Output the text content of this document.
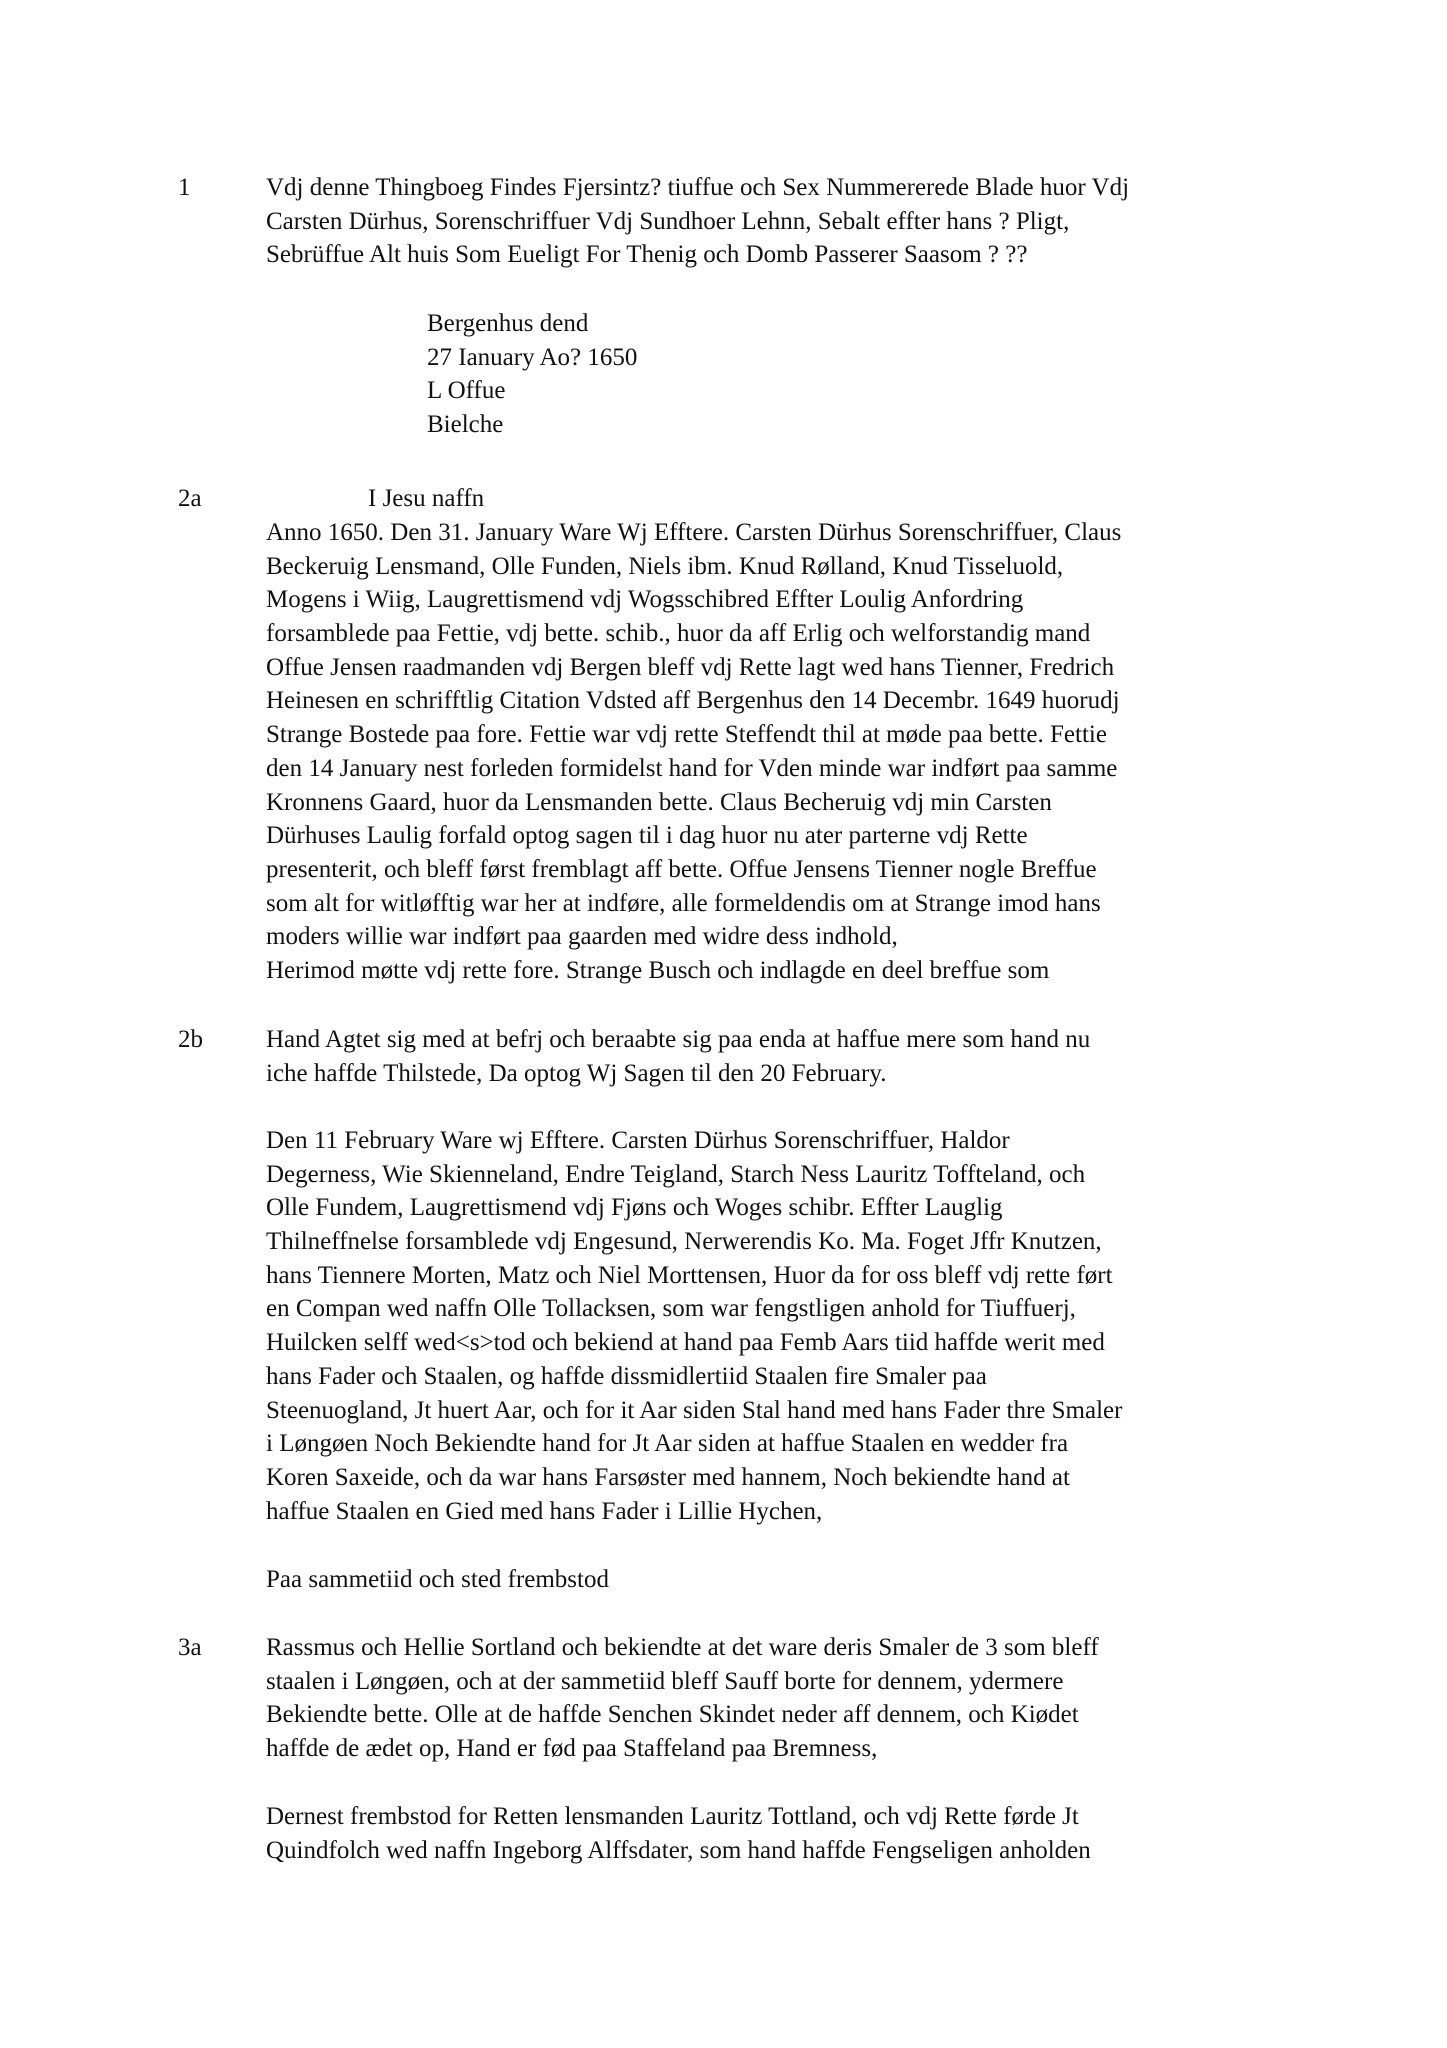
1	Vdj denne Thingboeg Findes Fjersintz? tiuffue och Sex Nummererede Blade huor Vdj
Carsten Dürhus, Sorenschriffuer Vdj Sundhoer Lehnn, Sebalt effter hans ? Pligt,
Sebrüffue Alt huis Som Eueligt For Thenig och Domb Passerer Saasom ? ??
Bergenhus dend
27 Ianuary Ao? 1650
L Offue
Bielche
2a	I Jesu naffn
Anno 1650. Den 31. January Ware Wj Efftere. Carsten Dürhus Sorenschriffuer, Claus
Beckeruig Lensmand, Olle Funden, Niels ibm. Knud Rølland, Knud Tisseluold,
Mogens i Wiig, Laugrettismend vdj Wogsschibred Effter Loulig Anfordring
forsamblede paa Fettie, vdj bette. schib., huor da aff Erlig och welforstandig mand
Offue Jensen raadmanden vdj Bergen bleff vdj Rette lagt wed hans Tienner, Fredrich
Heinesen en schrifftlig Citation Vdsted aff Bergenhus den 14 Decembr. 1649 huorudj
Strange Bostede paa fore. Fettie war vdj rette Steffendt thil at møde paa bette. Fettie
den 14 January nest forleden formidelst hand for Vden minde war indført paa samme
Kronnens Gaard, huor da Lensmanden bette. Claus Becheruig vdj min Carsten
Dürhuses Laulig forfald optog sagen til i dag huor nu ater parterne vdj Rette
presenterit, och bleff først fremblagt aff bette. Offue Jensens Tienner nogle Breffue
som alt for witløfftig war her at indføre, alle formeldendis om at Strange imod hans
moders willie war indført paa gaarden med widre dess indhold,
Herimod møtte vdj rette fore. Strange Busch och indlagde en deel breffue som
2b	Hand Agtet sig med at befrj och beraabte sig paa enda at haffue mere som hand nu
iche haffde Thilstede, Da optog Wj Sagen til den 20 February.
Den 11 February Ware wj Efftere. Carsten Dürhus Sorenschriffuer, Haldor
Degerness, Wie Skienneland, Endre Teigland, Starch Ness Lauritz Toffteland, och
Olle Fundem, Laugrettismend vdj Fjøns och Woges schibr. Effter Lauglig
Thilneffnelse forsamblede vdj Engesund, Nerwerendis Ko. Ma. Foget Jffr Knutzen,
hans Tiennere Morten, Matz och Niel Morttensen, Huor da for oss bleff vdj rette ført
en Compan wed naffn Olle Tollacksen, som war fengstligen anhold for Tiuffuerj,
Huilcken selff wed<s>tod och bekiend at hand paa Femb Aars tiid haffde werit med
hans Fader och Staalen, og haffde dissmidlertiid Staalen fire Smaler paa
Steenuogland, Jt huert Aar, och for it Aar siden Stal hand med hans Fader thre Smaler
i Løngøen Noch Bekiendte hand for Jt Aar siden at haffue Staalen en wedder fra
Koren Saxeide, och da war hans Farsøster med hannem, Noch bekiendte hand at
haffue Staalen en Gied med hans Fader i Lillie Hychen,
Paa sammetiid och sted frembstod
3a	Rassmus och Hellie Sortland och bekiendte at det ware deris Smaler de 3 som bleff
staalen i Løngøen, och at der sammetiid bleff Sauff borte for dennem, ydermere
Bekiendte bette. Olle at de haffde Senchen Skindet neder aff dennem, och Kiødet
haffde de ædet op, Hand er fød paa Staffeland paa Bremness,
Dernest frembstod for Retten lensmanden Lauritz Tottland, och vdj Rette førde Jt
Quindfolch wed naffn Ingeborg Alffsdater, som hand haffde Fengseligen anholden
